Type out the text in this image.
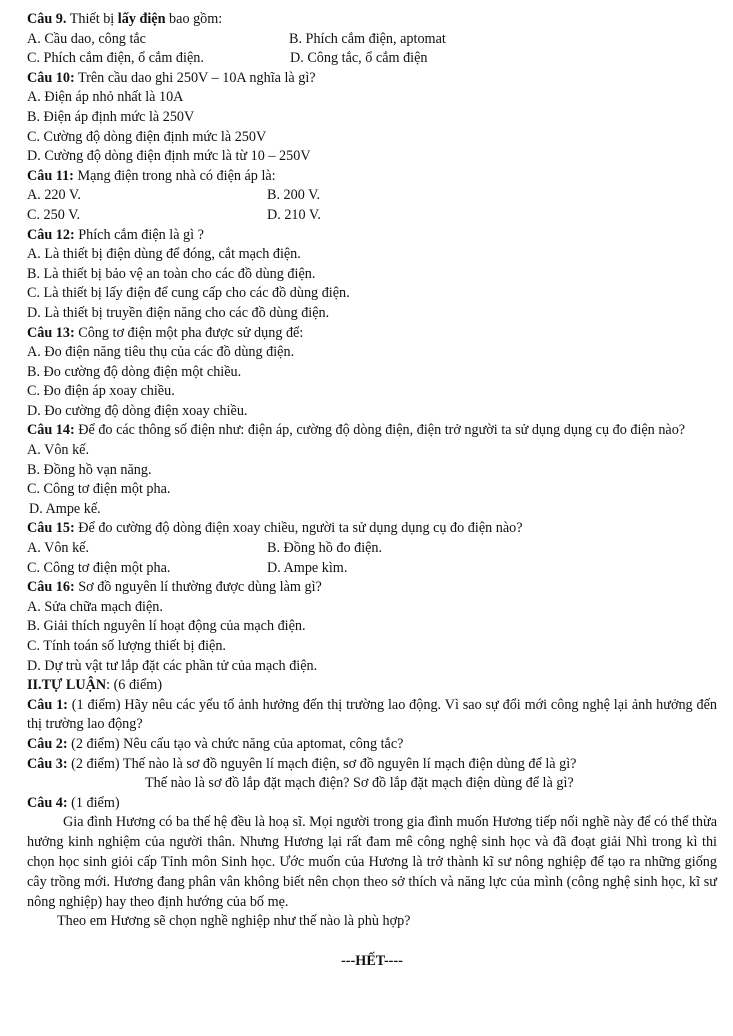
Câu 9. Thiết bị lấy điện bao gồm:
A. Cầu dao, công tắc	B. Phích cắm điện, aptomat
C. Phích cắm điện, ổ cắm điện.	D. Công tắc, ổ cắm điện
Câu 10: Trên cầu dao ghi 250V – 10A nghĩa là gì?
A. Điện áp nhỏ nhất là 10A
B. Điện áp định mức là 250V
C. Cường độ dòng điện định mức là 250V
D. Cường độ dòng điện định mức là từ 10 – 250V
Câu 11: Mạng điện trong nhà có điện áp là:
A. 220 V.	B. 200 V.
C. 250 V.	D. 210 V.
Câu 12: Phích cắm điện là gì ?
A. Là thiết bị điện dùng để đóng, cắt mạch điện.
B. Là thiết bị bảo vệ an toàn cho các đồ dùng điện.
C. Là thiết bị lấy điện để cung cấp cho các đồ dùng điện.
D. Là thiết bị truyền điện năng cho các đồ dùng điện.
Câu 13: Công tơ điện một pha được sử dụng để:
A. Đo điện năng tiêu thụ của các đồ dùng điện.
B. Đo cường độ dòng điện một chiều.
C. Đo điện áp xoay chiều.
D. Đo cường độ dòng điện xoay chiều.
Câu 14: Để đo các thông số điện như: điện áp, cường độ dòng điện, điện trở người ta sử dụng dụng cụ đo điện nào?
A. Vôn kế.
B. Đồng hồ vạn năng.
C. Công tơ điện một pha.
D. Ampe kế.
Câu 15: Để đo cường độ dòng điện xoay chiều, người ta sử dụng dụng cụ đo điện nào?
A. Vôn kế.	B. Đồng hồ đo điện.
C. Công tơ điện một pha.	D. Ampe kìm.
Câu 16: Sơ đồ nguyên lí thường được dùng làm gì?
A. Sửa chữa mạch điện.
B. Giải thích nguyên lí hoạt động của mạch điện.
C. Tính toán số lượng thiết bị điện.
D. Dự trù vật tư lắp đặt các phần tử của mạch điện.
II.TỰ LUẬN: (6 điểm)
Câu 1: (1 điểm) Hãy nêu các yếu tố ảnh hưởng đến thị trường lao động. Vì sao sự đổi mới công nghệ lại ảnh hưởng đến thị trường lao động?
Câu 2: (2 điểm) Nêu cấu tạo và chức năng của aptomat, công tắc?
Câu 3: (2 điểm) Thế nào là sơ đồ nguyên lí mạch điện, sơ đồ nguyên lí mạch điện dùng để là gì?
Thế nào là sơ đồ lắp đặt mạch điện? Sơ đồ lắp đặt mạch điện dùng để là gì?
Câu 4: (1 điểm)
Gia đình Hương có ba thế hệ đều là hoạ sĩ. Mọi người trong gia đình muốn Hương tiếp nối nghề này để có thể thừa hưởng kinh nghiệm của người thân. Nhưng Hương lại rất đam mê công nghệ sinh học và đã đoạt giải Nhì trong kì thi chọn học sinh giỏi cấp Tỉnh môn Sinh học. Ước muốn của Hương là trở thành kĩ sư nông nghiệp để tạo ra những giống cây trồng mới. Hương đang phân vân không biết nên chọn theo sở thích và năng lực của mình (công nghệ sinh học, kĩ sư nông nghiệp) hay theo định hướng của bố mẹ.
Theo em Hương sẽ chọn nghề nghiệp như thế nào là phù hợp?
---HẾT----
